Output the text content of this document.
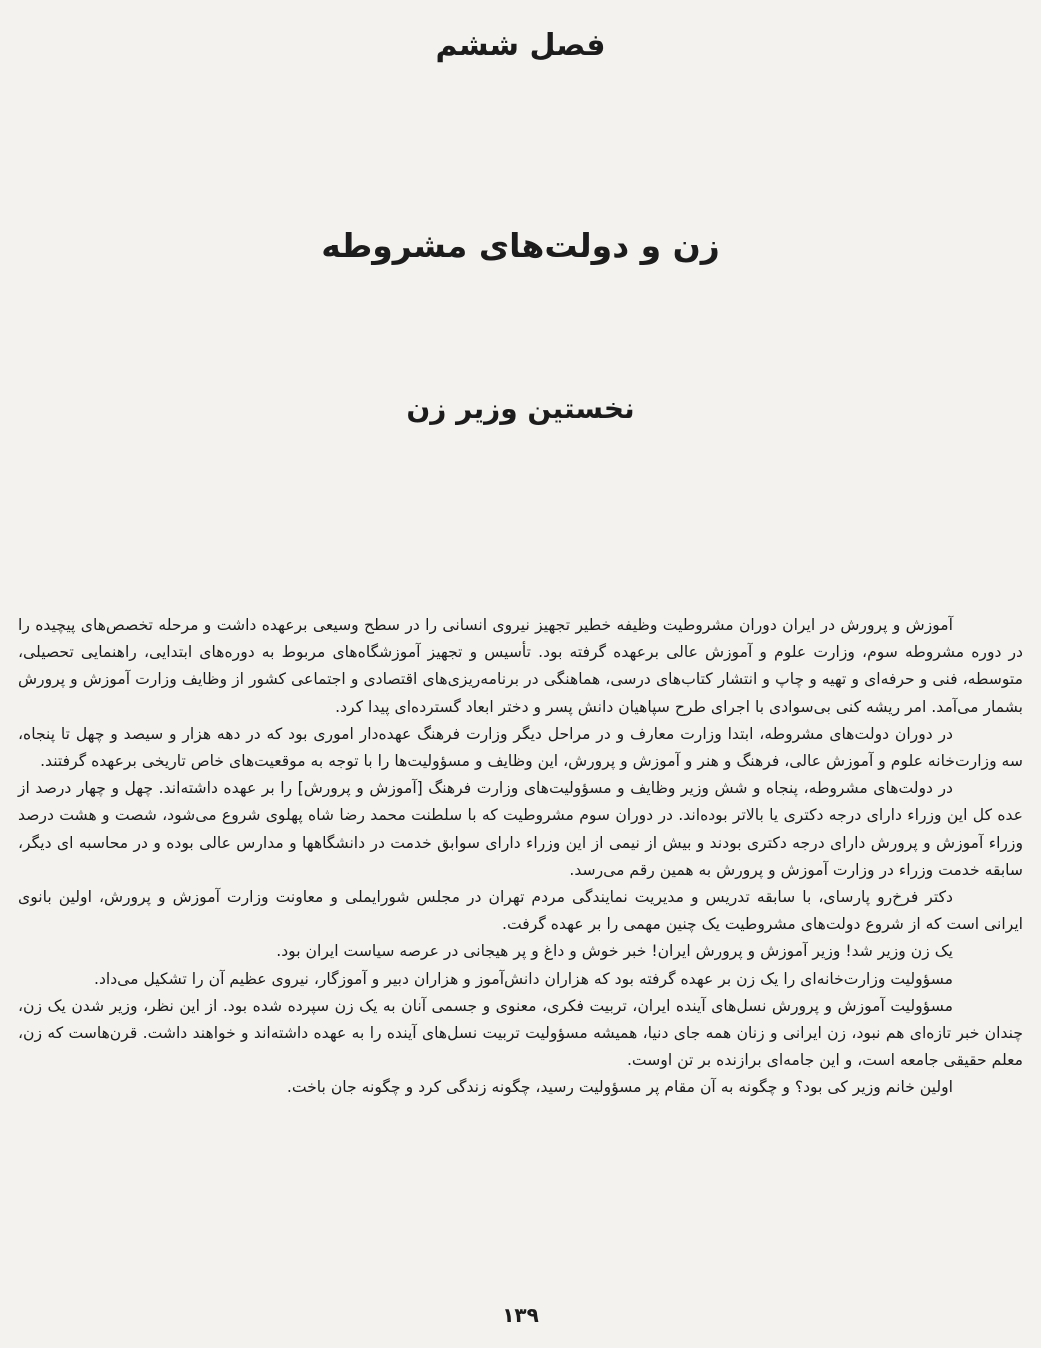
فصل ششم
زن و دولت‌های مشروطه
نخستین وزیر زن

آموزش و پرورش در ایران دوران مشروطیت وظیفه خطیر تجهیز نیروی انسانی را در سطح وسیعی برعهده داشت و مرحله تخصص‌های پیچیده را در دوره مشروطه سوم، وزارت علوم و آموزش عالی برعهده گرفته بود. تأسیس و تجهیز آموزشگاه‌های مربوط به دوره‌های ابتدایی، راهنمایی تحصیلی، متوسطه، فنی و حرفه‌ای و تهیه و چاپ و انتشار کتاب‌های درسی، هماهنگی در برنامه‌ریزی‌های اقتصادی و اجتماعی کشور از وظایف وزارت آموزش و پرورش بشمار می‌آمد. امر ریشه کنی بی‌سوادی با اجرای طرح سپاهیان دانش پسر و دختر ابعاد گسترده‌ای پیدا کرد.

در دوران دولت‌های مشروطه، ابتدا وزارت معارف و در مراحل دیگر وزارت فرهنگ عهده‌دار اموری بود که در دهه هزار و سیصد و چهل تا پنجاه، سه وزارت‌خانه علوم و آموزش عالی، فرهنگ و هنر و آموزش و پرورش، این وظایف و مسؤولیت‌ها را با توجه به موقعیت‌های خاص تاریخی برعهده گرفتند.

در دولت‌های مشروطه، پنجاه و شش وزیر وظایف و مسؤولیت‌های وزارت فرهنگ [آموزش و پرورش] را بر عهده داشته‌اند. چهل و چهار درصد از عده کل این وزراء دارای درجه دکتری یا بالاتر بوده‌اند. در دوران سوم مشروطیت که با سلطنت محمد رضا شاه پهلوی شروع می‌شود، شصت و هشت درصد وزراء آموزش و پرورش دارای درجه دکتری بودند و بیش از نیمی از این وزراء دارای سوابق خدمت در دانشگاهها و مدارس عالی بوده و در محاسبه ای دیگر، سابقه خدمت وزراء در وزارت آموزش و پرورش به همین رقم می‌رسد.

دکتر فرخ‌رو پارسای، با سابقه تدریس و مدیریت نمایندگی مردم تهران در مجلس شورایملی و معاونت وزارت آموزش و پرورش، اولین بانوی ایرانی است که از شروع دولت‌های مشروطیت یک چنین مهمی را بر عهده گرفت.

یک زن وزیر شد! وزیر آموزش و پرورش ایران! خبر خوش و داغ و پر هیجانی در عرصه سیاست ایران بود.

مسؤولیت وزارت‌خانه‌ای را یک زن بر عهده گرفته بود که هزاران دانش‌آموز و هزاران دبیر و آموزگار، نیروی عظیم آن را تشکیل می‌داد.

مسؤولیت آموزش و پرورش نسل‌های آینده ایران، تربیت فکری، معنوی و جسمی آنان به یک زن سپرده شده بود. از این نظر، وزیر شدن یک زن، چندان خبر تازه‌ای هم نبود، زن ایرانی و زنان همه جای دنیا، همیشه مسؤولیت تربیت نسل‌های آینده را به عهده داشته‌اند و خواهند داشت. قرن‌هاست که زن، معلم حقیقی جامعه است، و این جامه‌ای برازنده بر تن اوست.

اولین خانم وزیر کی بود؟ و چگونه به آن مقام پر مسؤولیت رسید، چگونه زندگی کرد و چگونه جان باخت.

۱۳۹
